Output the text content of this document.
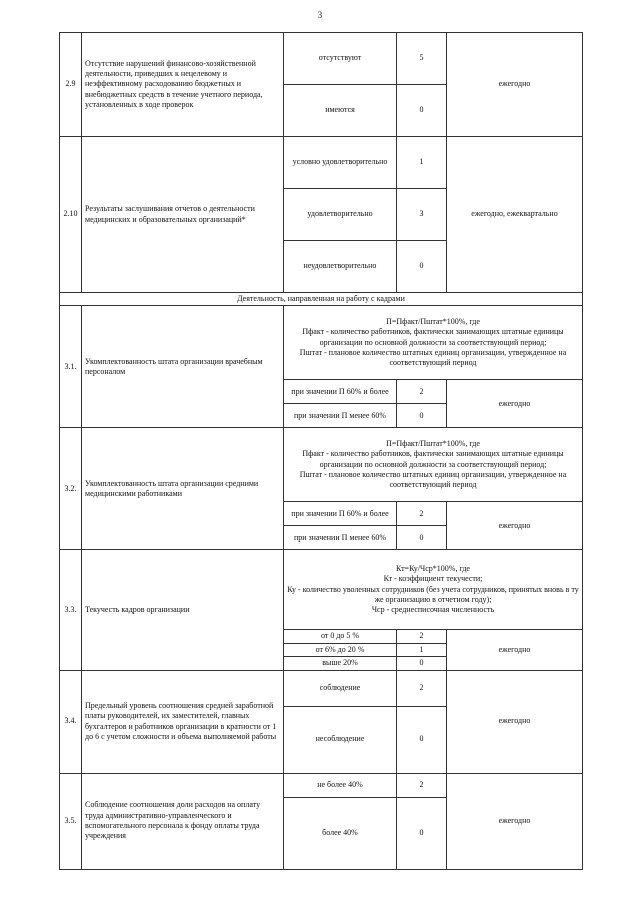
3
2.9	Отсутствие нарушений финансово-хозяйственной деятельности, приведших к нецелевому и неэффективному расходованию бюджетных и внебюджетных средств в течение учетного периода, установленных в ходе проверок	отсутствуют	5	ежегодно
		имеются	0	
2.10	Результаты заслушивания отчетов о деятельности медицинских и образовательных организаций*	условно удовлетворительно	1	ежегодно, ежеквартально
		удовлетворительно	3	
		неудовлетворительно	0	
Деятельность, направленная на работу с кадрами				
3.1.	Укомплектованность штата организации врачебным персоналом	П=Пфакт/Пштат*100%, где
Пфакт - количество работников, фактически занимающих штатные единицы организации по основной должности за соответствующий период;
Пштат - плановое количество штатных единиц организации, утвержденное на соответствующий период		

		при значении П 60% и более	2	ежегодно
		при значении П менее 60%	0	
3.2.	Укомплектованность штата организации средними медицинскими работниками	П=Пфакт/Пштат*100%, где
Пфакт - количество работников, фактически занимающих штатные единицы организации по основной должности за соответствующий период;
Пштат - плановое количество штатных единиц организации, утвержденное на соответствующий период		

		при значении П 60% и более	2	ежегодно
		при значении П менее 60%	0	
3.3.	Текучесть кадров организации	Кт=Ку/Чср*100%, где
Кт - коэффициент текучести;
Ку - количество уволенных сотрудников (без учета сотрудников, принятых вновь в ту же организацию в отчетном году);
Чср - среднесписочная численность		

		от 0 до 5 %	2	ежегодно
		от 6% до 20 %	1	
		выше 20%	0	
3.4.	Предельный уровень соотношения средней заработной платы руководителей, их заместителей, главных бухгалтеров и работников организации в кратности от 1 до 6 с учетом сложности и объема выполняемой работы	соблюдение	2	ежегодно
		несоблюдение	0	
3.5.	Соблюдение соотношения доли расходов на оплату труда административно-управленческого и вспомогательного персонала к фонду оплаты труда учреждения	не более 40%	2	ежегодно
		более 40%	0	
